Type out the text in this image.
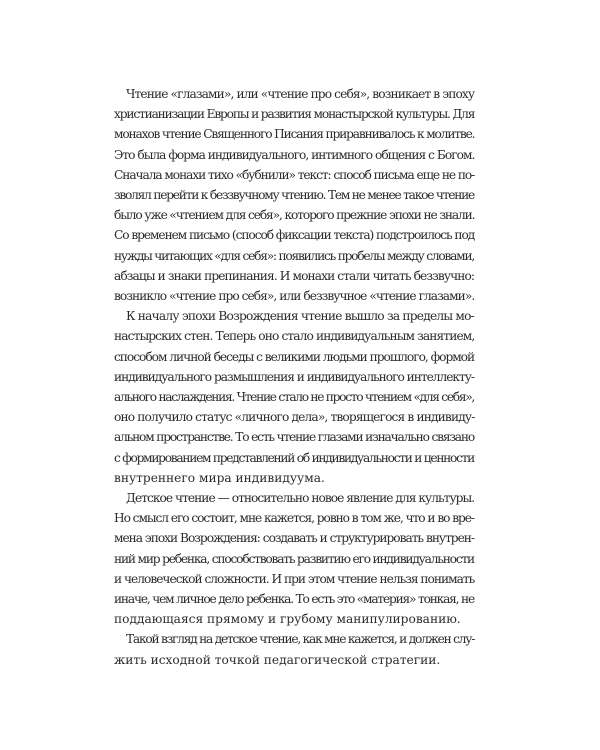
Чтение «глазами», или «чтение про себя», возникает в эпоху
христианизации Европы и развития монастырской культуры. Для
монахов чтение Священного Писания приравнивалось к молитве.
Это была форма индивидуального, интимного общения с Богом.
Сначала монахи тихо «бубнили» текст: способ письма еще не по-
зволял перейти к беззвучному чтению. Тем не менее такое чтение
было уже «чтением для себя», которого прежние эпохи не знали.
Со временем письмо (способ фиксации текста) подстроилось под
нужды читающих «для себя»: появились пробелы между словами,
абзацы и знаки препинания. И монахи стали читать беззвучно:
возникло «чтение про себя», или беззвучное «чтение глазами».

К началу эпохи Возрождения чтение вышло за пределы мо-
настырских стен. Теперь оно стало индивидуальным занятием,
способом личной беседы с великими людьми прошлого, формой
индивидуального размышления и индивидуального интеллекту-
ального наслаждения. Чтение стало не просто чтением «для себя»,
оно получило статус «личного дела», творящегося в индивиду-
альном пространстве. То есть чтение глазами изначально связано
с формированием представлений об индивидуальности и ценности
внутреннего мира индивидуума.

Детское чтение — относительно новое явление для культуры.
Но смысл его состоит, мне кажется, ровно в том же, что и во вре-
мена эпохи Возрождения: создавать и структурировать внутрен-
ний мир ребенка, способствовать развитию его индивидуальности
и человеческой сложности. И при этом чтение нельзя понимать
иначе, чем личное дело ребенка. То есть это «материя» тонкая, не
поддающаяся прямому и грубому манипулированию.

Такой взгляд на детское чтение, как мне кажется, и должен слу-
жить исходной точкой педагогической стратегии.
